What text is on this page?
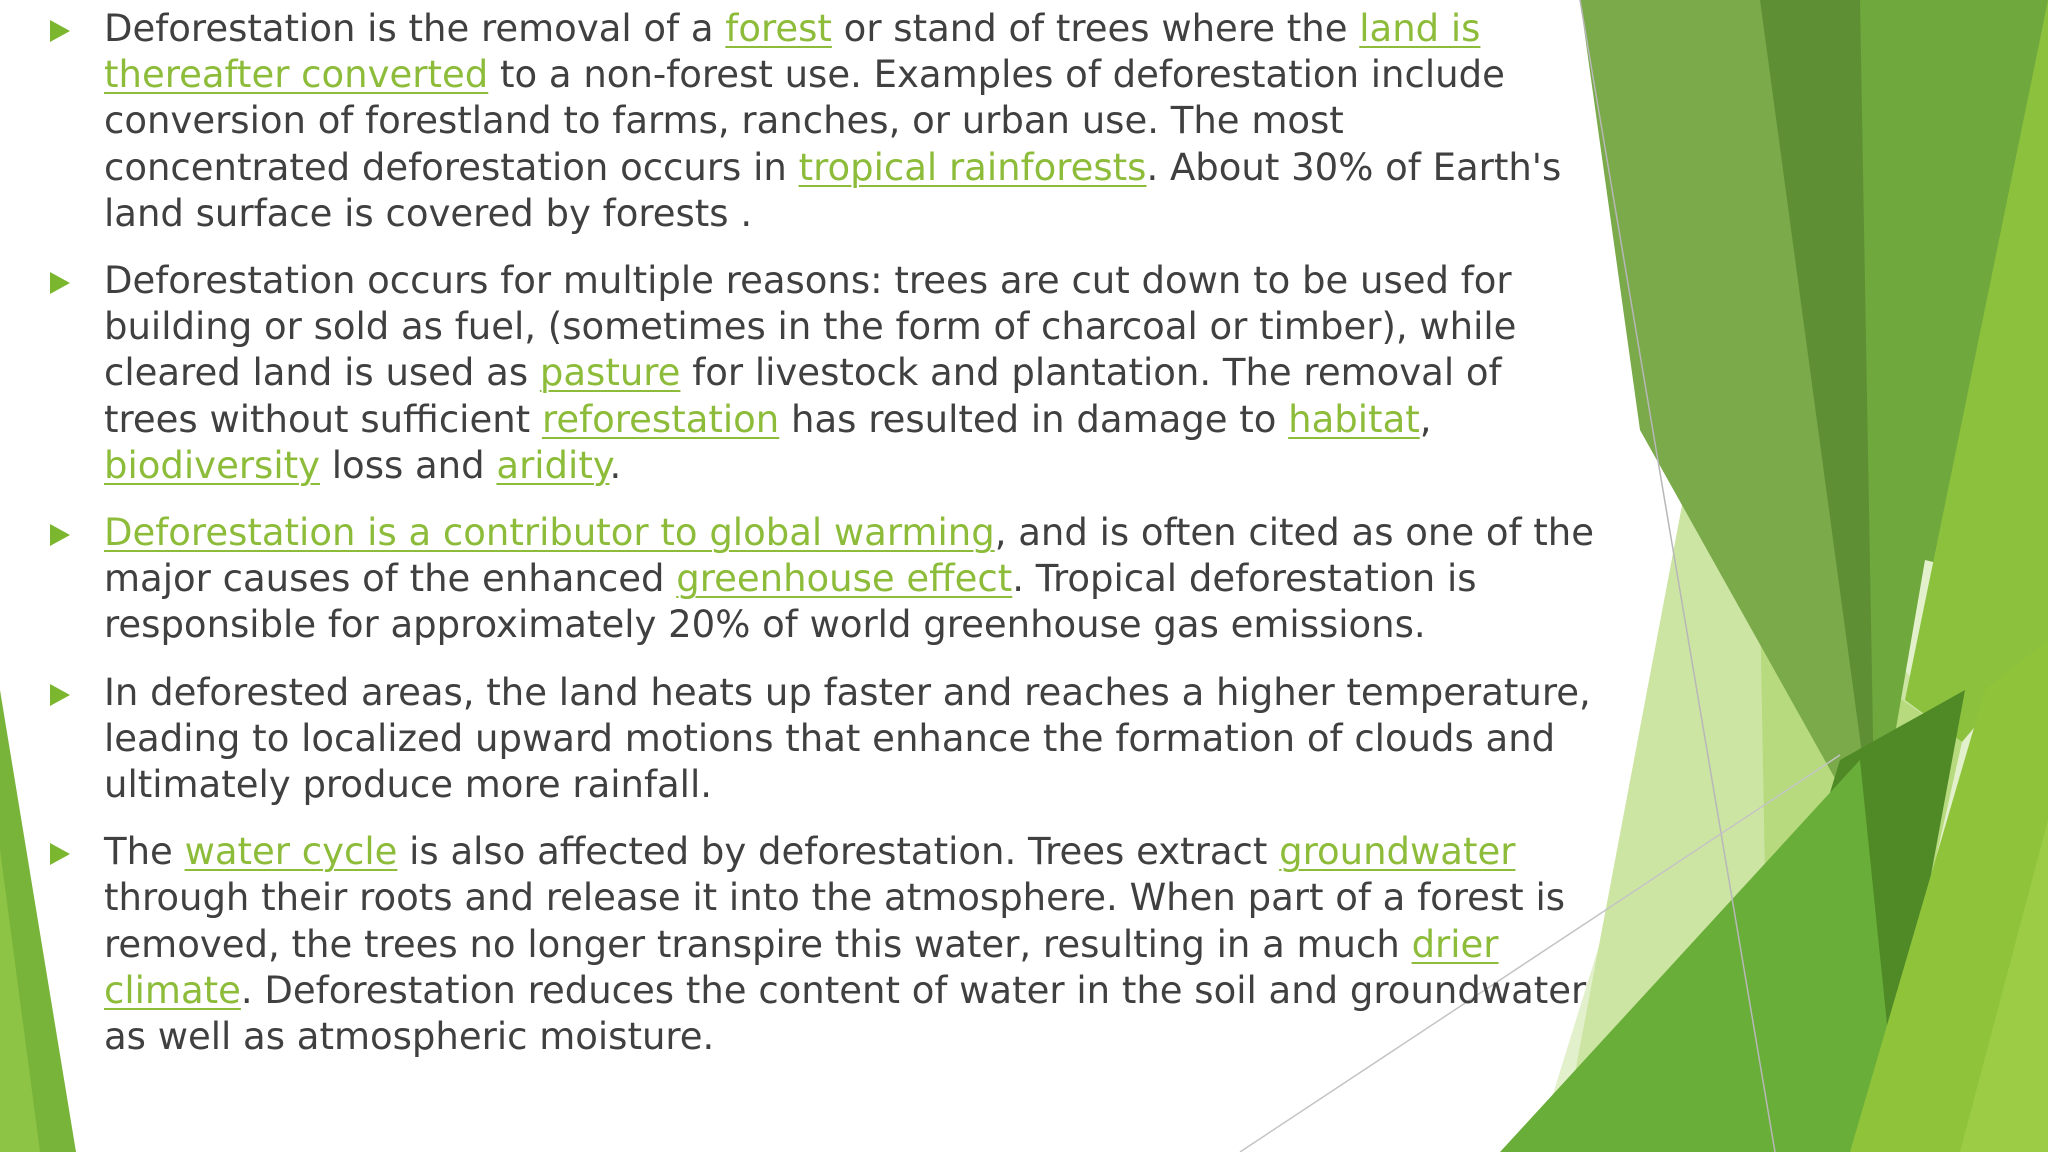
Deforestation is the removal of a forest or stand of trees where the land is thereafter converted to a non-forest use. Examples of deforestation include conversion of forestland to farms, ranches, or urban use. The most concentrated deforestation occurs in tropical rainforests. About 30% of Earth's land surface is covered by forests .
Deforestation occurs for multiple reasons: trees are cut down to be used for building or sold as fuel, (sometimes in the form of charcoal or timber), while cleared land is used as pasture for livestock and plantation. The removal of trees without sufficient reforestation has resulted in damage to habitat, biodiversity loss and aridity.
Deforestation is a contributor to global warming, and is often cited as one of the major causes of the enhanced greenhouse effect. Tropical deforestation is responsible for approximately 20% of world greenhouse gas emissions.
In deforested areas, the land heats up faster and reaches a higher temperature, leading to localized upward motions that enhance the formation of clouds and ultimately produce more rainfall.
The water cycle is also affected by deforestation. Trees extract groundwater through their roots and release it into the atmosphere. When part of a forest is removed, the trees no longer transpire this water, resulting in a much drier climate. Deforestation reduces the content of water in the soil and groundwater as well as atmospheric moisture.
